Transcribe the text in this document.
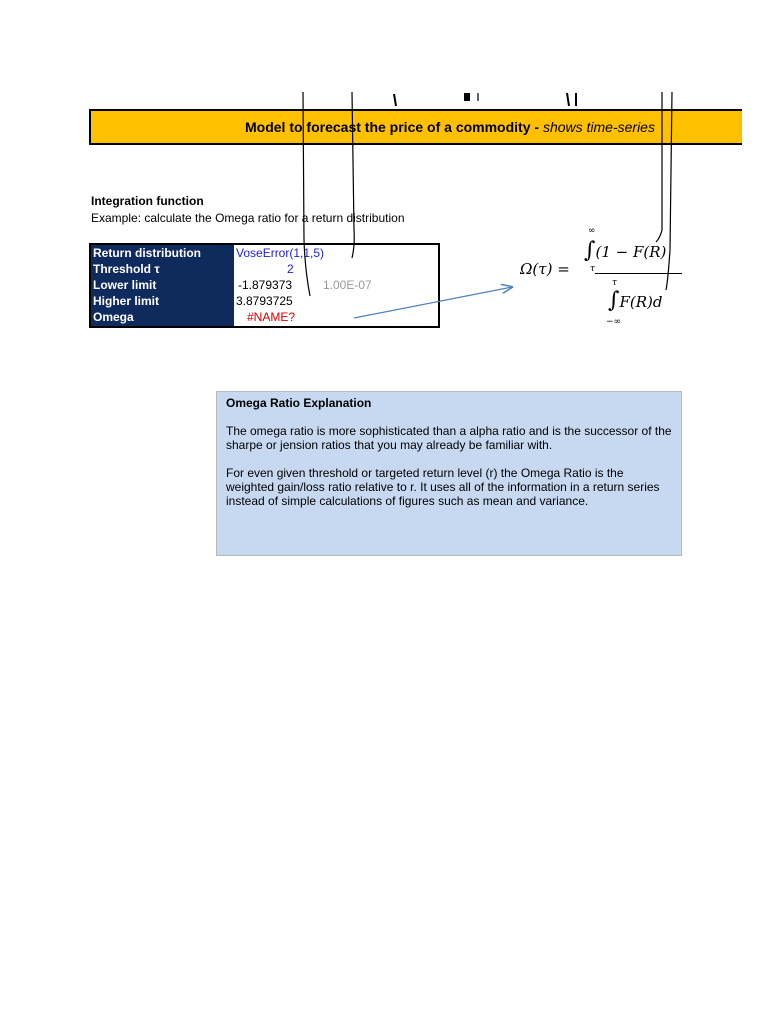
Model to forecast the price of a commodity - shows time-series
Integration function
Example: calculate the Omega ratio for a return distribution
Return distribution
Threshold τ
Lower limit
Higher limit
Omega
VoseError(1,1,5)
2
-1.879373	1.00E-07
3.8793725
#NAME?
Ω(τ) =
∞
∫(1 − F(R)
τ
τ
∫F(R)d
−∞
Omega Ratio Explanation

The omega ratio is more sophisticated than a alpha ratio and is the successor of the sharpe or jension ratios that you may already be familiar with.

For even given threshold or targeted return level (r) the Omega Ratio is the weighted gain/loss ratio relative to r. It uses all of the information in a return series instead of simple calculations of figures such as mean and variance.
